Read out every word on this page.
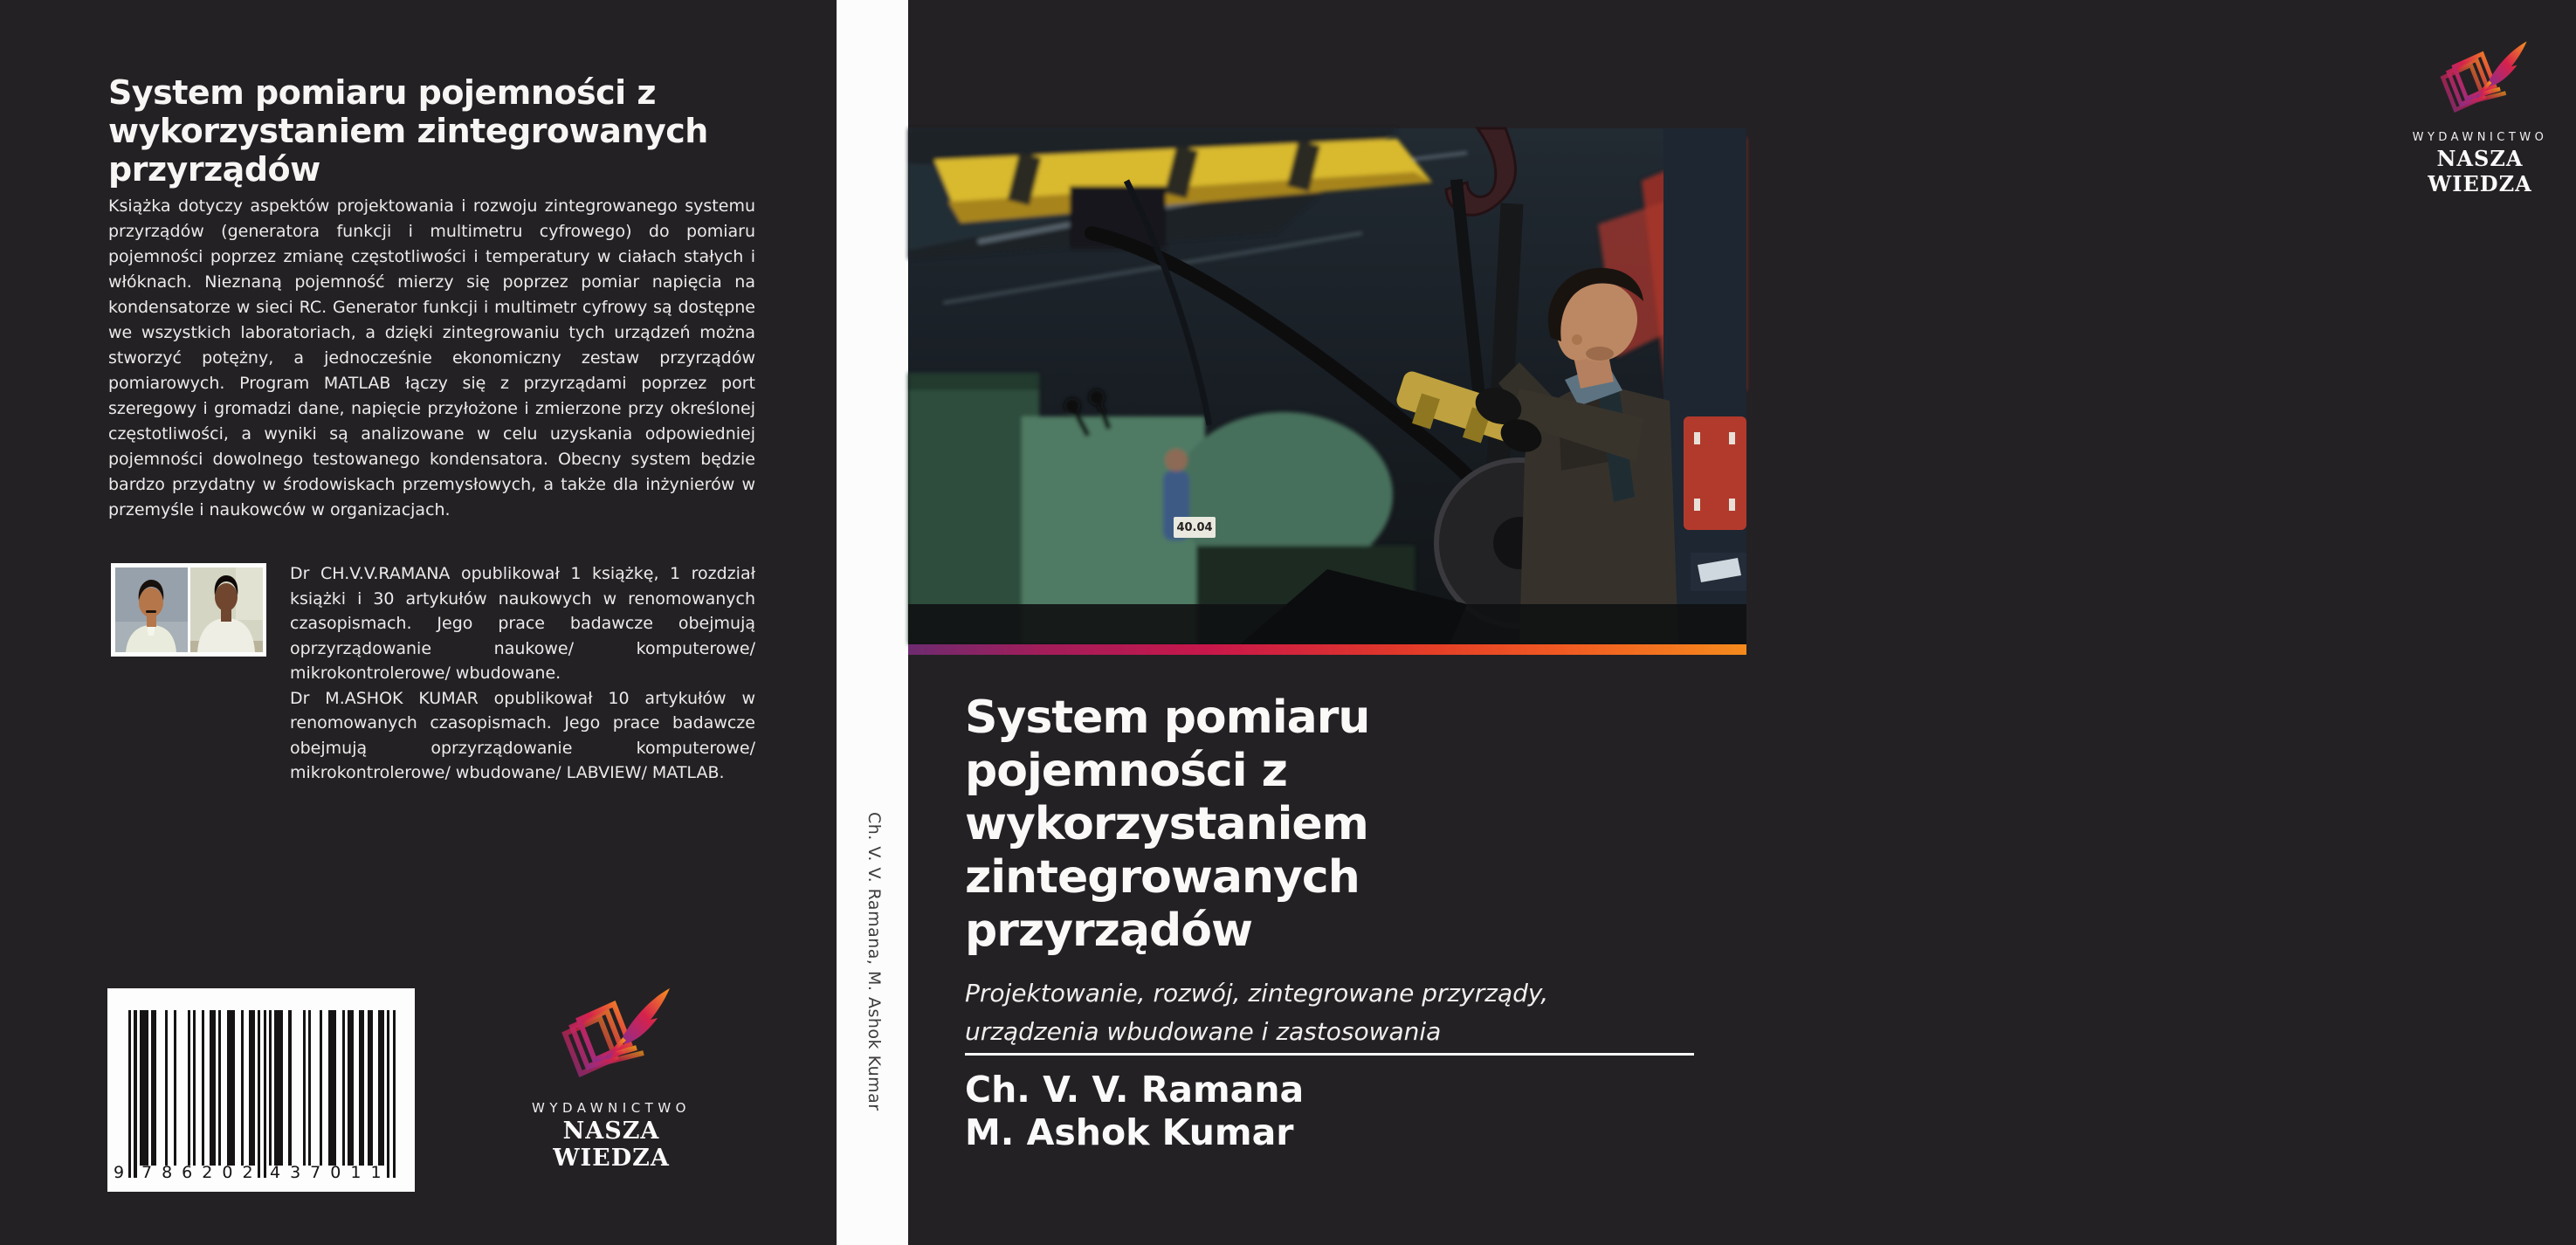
System pomiaru pojemności z
wykorzystaniem zintegrowanych
przyrządów
Książka dotyczy aspektów projektowania i rozwoju zintegrowanego systemu przyrządów (generatora funkcji i multimetru cyfrowego) do pomiaru pojemności poprzez zmianę częstotliwości i temperatury w ciałach stałych i włóknach. Nieznaną pojemność mierzy się poprzez pomiar napięcia na kondensatorze w sieci RC. Generator funkcji i multimetr cyfrowy są dostępne we wszystkich laboratoriach, a dzięki zintegrowaniu tych urządzeń można stworzyć potężny, a jednocześnie ekonomiczny zestaw przyrządów pomiarowych. Program MATLAB łączy się z przyrządami poprzez port szeregowy i gromadzi dane, napięcie przyłożone i zmierzone przy określonej częstotliwości, a wyniki są analizowane w celu uzyskania odpowiedniej pojemności dowolnego testowanego kondensatora. Obecny system będzie bardzo przydatny w środowiskach przemysłowych, a także dla inżynierów w przemyśle i naukowców w organizacjach.

Dr CH.V.V.RAMANA opublikował 1 książkę, 1 rozdział książki i 30 artykułów naukowych w renomowanych czasopismach. Jego prace badawcze obejmują oprzyrządowanie naukowe/ komputerowe/ mikrokontrolerowe/ wbudowane.

Dr M.ASHOK KUMAR opublikował 10 artykułów w renomowanych czasopismach. Jego prace badawcze obejmują oprzyrządowanie komputerowe/ mikrokontrolerowe/ wbudowane/ LABVIEW/ MATLAB.

9 786202 437011
WYDAWNICTWO
NASZA WIEDZA
Ch. V. V. Ramana, M. Ashok Kumar
40.04
WYDAWNICTWO
NASZA WIEDZA
System pomiaru
pojemności z
wykorzystaniem
zintegrowanych
przyrządów
Projektowanie, rozwój, zintegrowane przyrządy,
urządzenia wbudowane i zastosowania
Ch. V. V. Ramana
M. Ashok Kumar
